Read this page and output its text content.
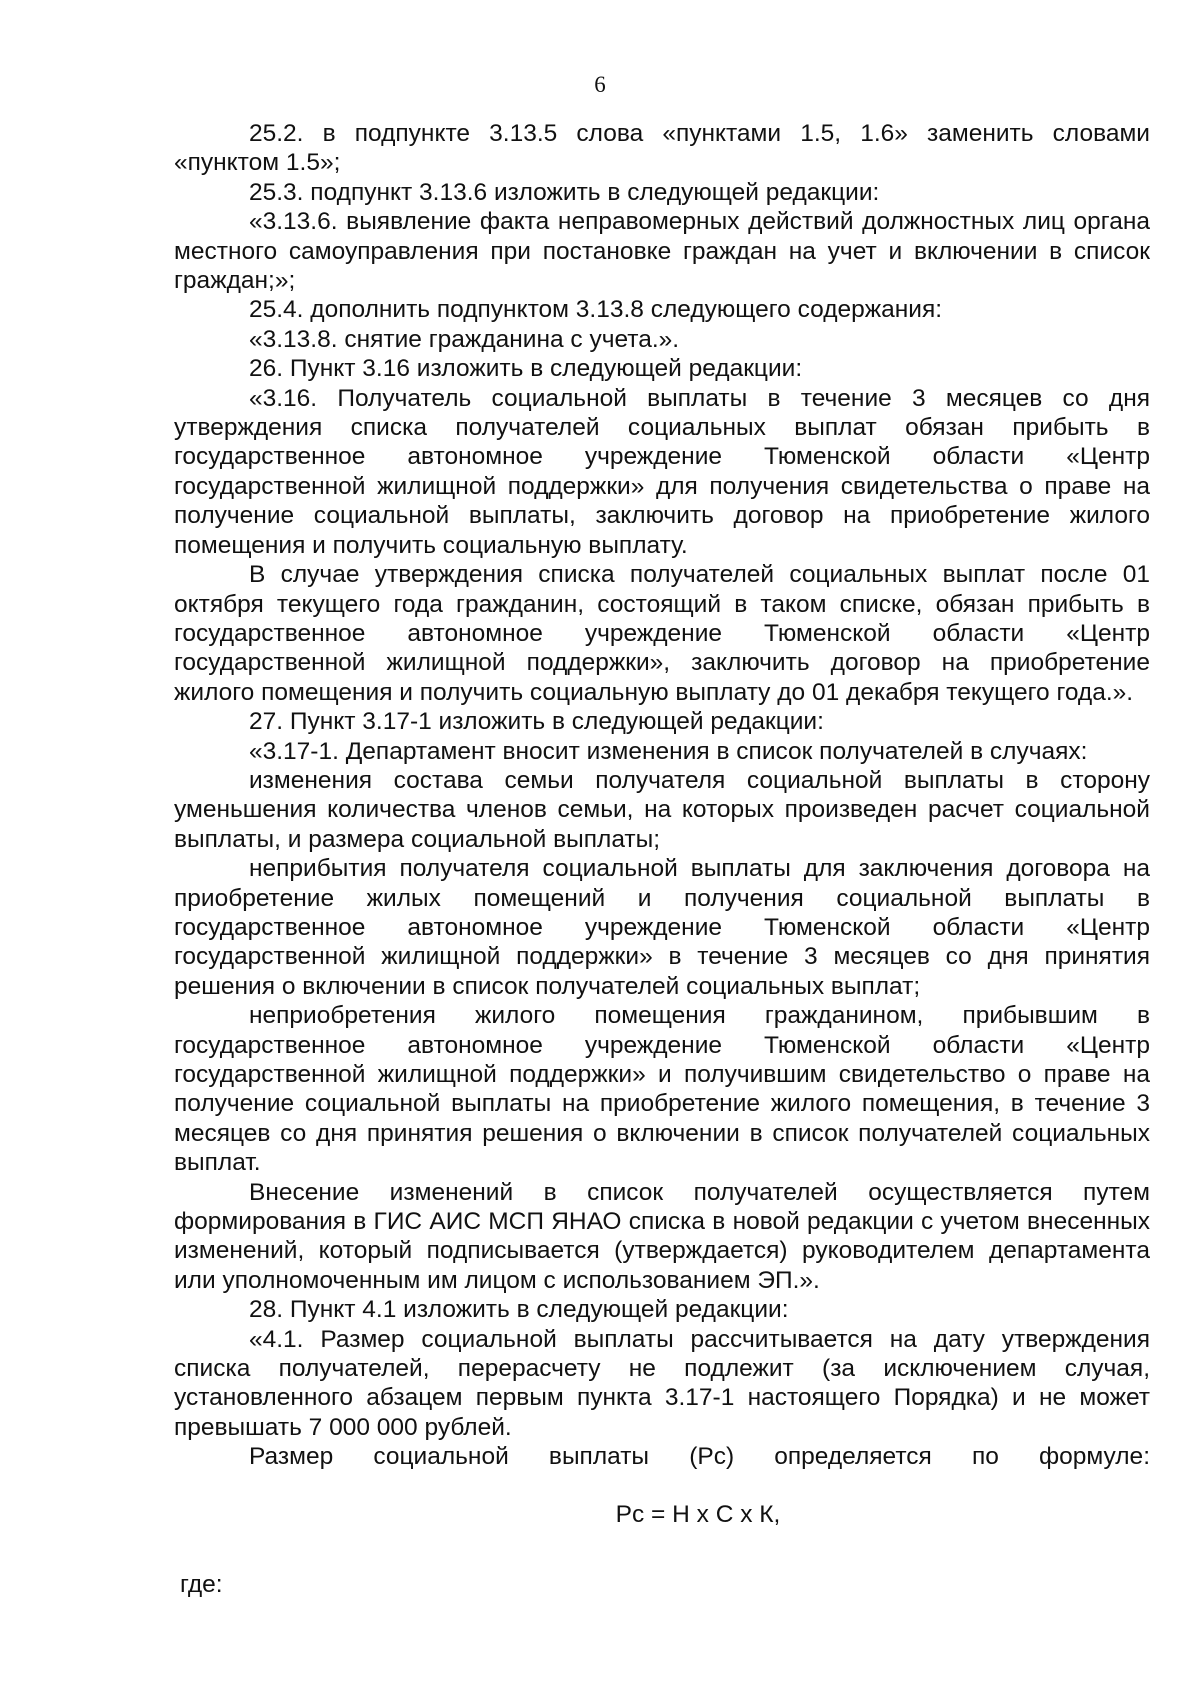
6

25.2. в подпункте 3.13.5 слова «пунктами 1.5, 1.6» заменить словами «пунктом 1.5»;

25.3. подпункт 3.13.6 изложить в следующей редакции:

«3.13.6. выявление факта неправомерных действий должностных лиц органа местного самоуправления при постановке граждан на учет и включении в список граждан;»;

25.4. дополнить подпунктом 3.13.8 следующего содержания:

«3.13.8. снятие гражданина с учета.».

26. Пункт 3.16 изложить в следующей редакции:

«3.16. Получатель социальной выплаты в течение 3 месяцев со дня утверждения списка получателей социальных выплат обязан прибыть в государственное автономное учреждение Тюменской области «Центр государственной жилищной поддержки» для получения свидетельства о праве на получение социальной выплаты, заключить договор на приобретение жилого помещения и получить социальную выплату.

В случае утверждения списка получателей социальных выплат после 01 октября текущего года гражданин, состоящий в таком списке, обязан прибыть в государственное автономное учреждение Тюменской области «Центр государственной жилищной поддержки», заключить договор на приобретение жилого помещения и получить социальную выплату до 01 декабря текущего года.».

27. Пункт 3.17-1 изложить в следующей редакции:

«3.17-1. Департамент вносит изменения в список получателей в случаях:

изменения состава семьи получателя социальной выплаты в сторону уменьшения количества членов семьи, на которых произведен расчет социальной выплаты, и размера социальной выплаты;

неприбытия получателя социальной выплаты для заключения договора на приобретение жилых помещений и получения социальной выплаты в государственное автономное учреждение Тюменской области «Центр государственной жилищной поддержки» в течение 3 месяцев со дня принятия решения о включении в список получателей социальных выплат;

неприобретения жилого помещения гражданином, прибывшим в государственное автономное учреждение Тюменской области «Центр государственной жилищной поддержки» и получившим свидетельство о праве на получение социальной выплаты на приобретение жилого помещения, в течение 3 месяцев со дня принятия решения о включении в список получателей социальных выплат.

Внесение изменений в список получателей осуществляется путем формирования в ГИС АИС МСП ЯНАО списка в новой редакции с учетом внесенных изменений, который подписывается (утверждается) руководителем департамента или уполномоченным им лицом с использованием ЭП.».

28. Пункт 4.1 изложить в следующей редакции:

«4.1. Размер социальной выплаты рассчитывается на дату утверждения списка получателей, перерасчету не подлежит (за исключением случая, установленного абзацем первым пункта 3.17-1 настоящего Порядка) и не может превышать 7 000 000 рублей.

Размер социальной выплаты (Рс) определяется по формуле:

Рс = Н х С х К,

где:
